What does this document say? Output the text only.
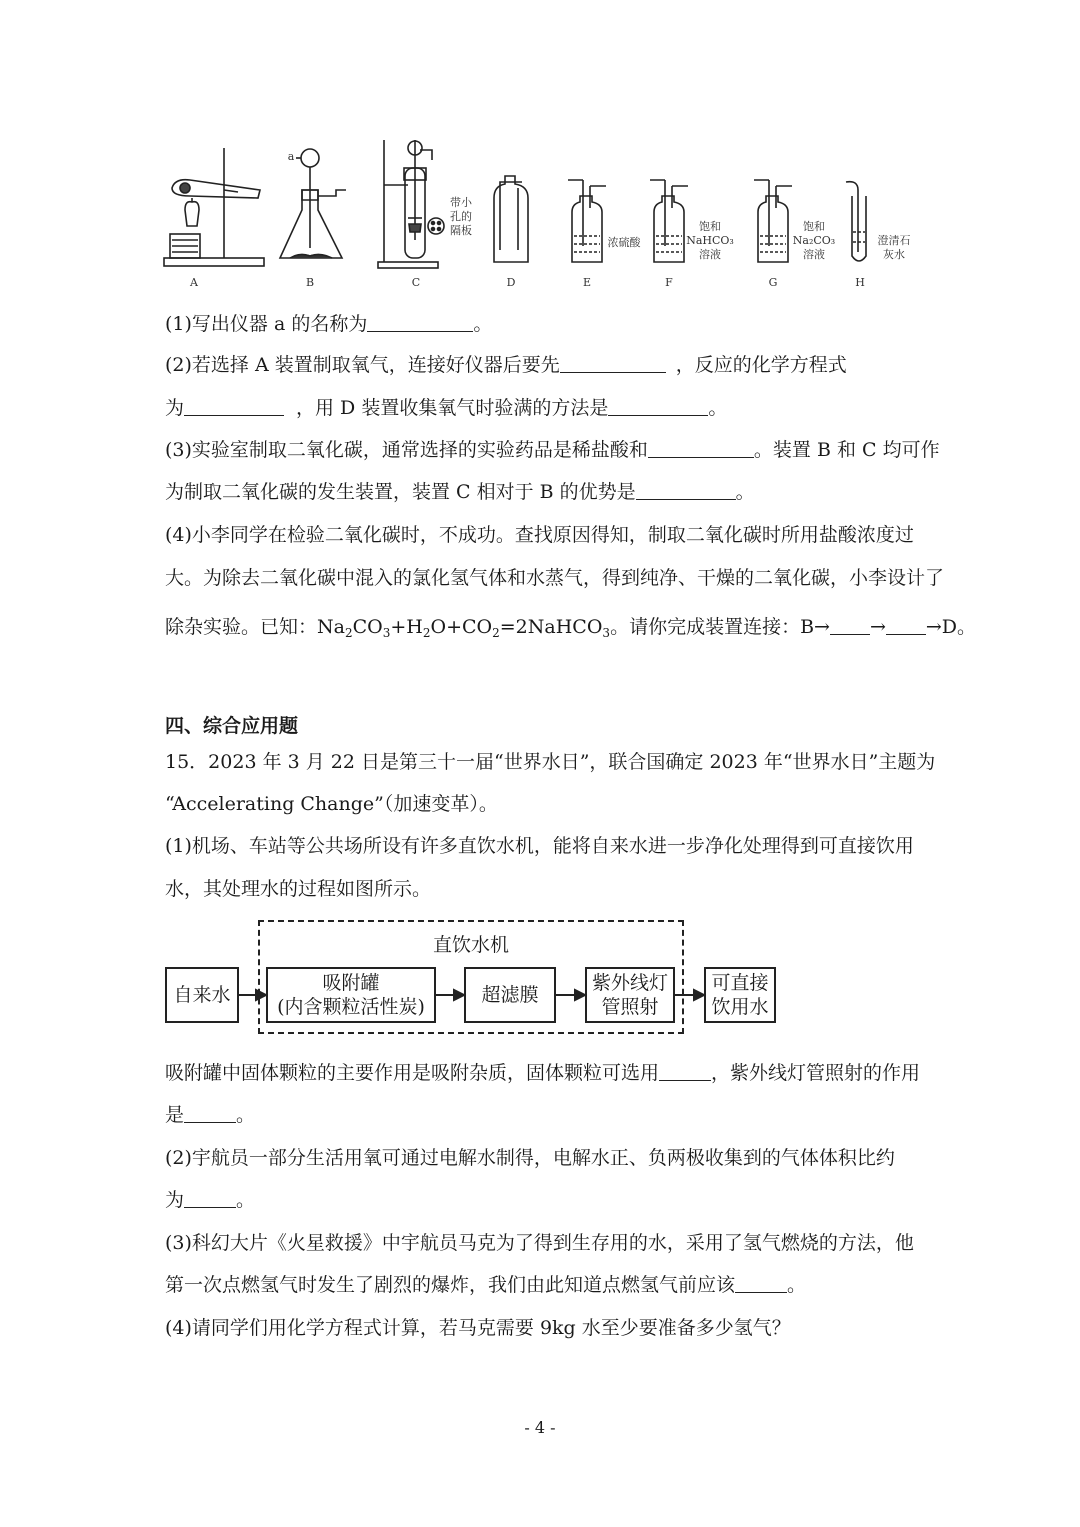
A	B	C	D	E	F	G	H
a
带小
孔的
隔板
浓硫酸
饱和
NaHCO₃
溶液
饱和
Na₂CO₃
溶液
澄清石
灰水
(1)写出仪器 a 的名称为	。
(2)若选择 A 装置制取氧气，连接好仪器后要先	，反应的化学方程式
为	，用 D 装置收集氧气时验满的方法是	。
(3)实验室制取二氧化碳，通常选择的实验药品是稀盐酸和	。装置 B 和 C 均可作
为制取二氧化碳的发生装置，装置 C 相对于 B 的优势是	。
(4)小李同学在检验二氧化碳时，不成功。查找原因得知，制取二氧化碳时所用盐酸浓度过
大。为除去二氧化碳中混入的氯化氢气体和水蒸气，得到纯净、干燥的二氧化碳，小李设计了
除杂实验。已知：$Na_2CO_3+H_2O+CO_2=2NaHCO_3$。请你完成装置连接：B→ → →D。
四、综合应用题
15．2023 年 3 月 22 日是第三十一届“世界水日”，联合国确定 2023 年“世界水日”主题为
“Accelerating Change”（加速变革）。
(1)机场、车站等公共场所设有许多直饮水机，能将自来水进一步净化处理得到可直接饮用
水，其处理水的过程如图所示。
直饮水机
自来水
吸附罐
(内含颗粒活性炭)
超滤膜
紫外线灯
管照射
可直接
饮用水
吸附罐中固体颗粒的主要作用是吸附杂质，固体颗粒可选用	，紫外线灯管照射的作用
是	。
(2)宇航员一部分生活用氧可通过电解水制得，电解水正、负两极收集到的气体体积比约
为	。
(3)科幻大片《火星救援》中宇航员马克为了得到生存用的水，采用了氢气燃烧的方法，他
第一次点燃氢气时发生了剧烈的爆炸，我们由此知道点燃氢气前应该	。
(4)请同学们用化学方程式计算，若马克需要 9kg 水至少要准备多少氢气？
- 4 -
